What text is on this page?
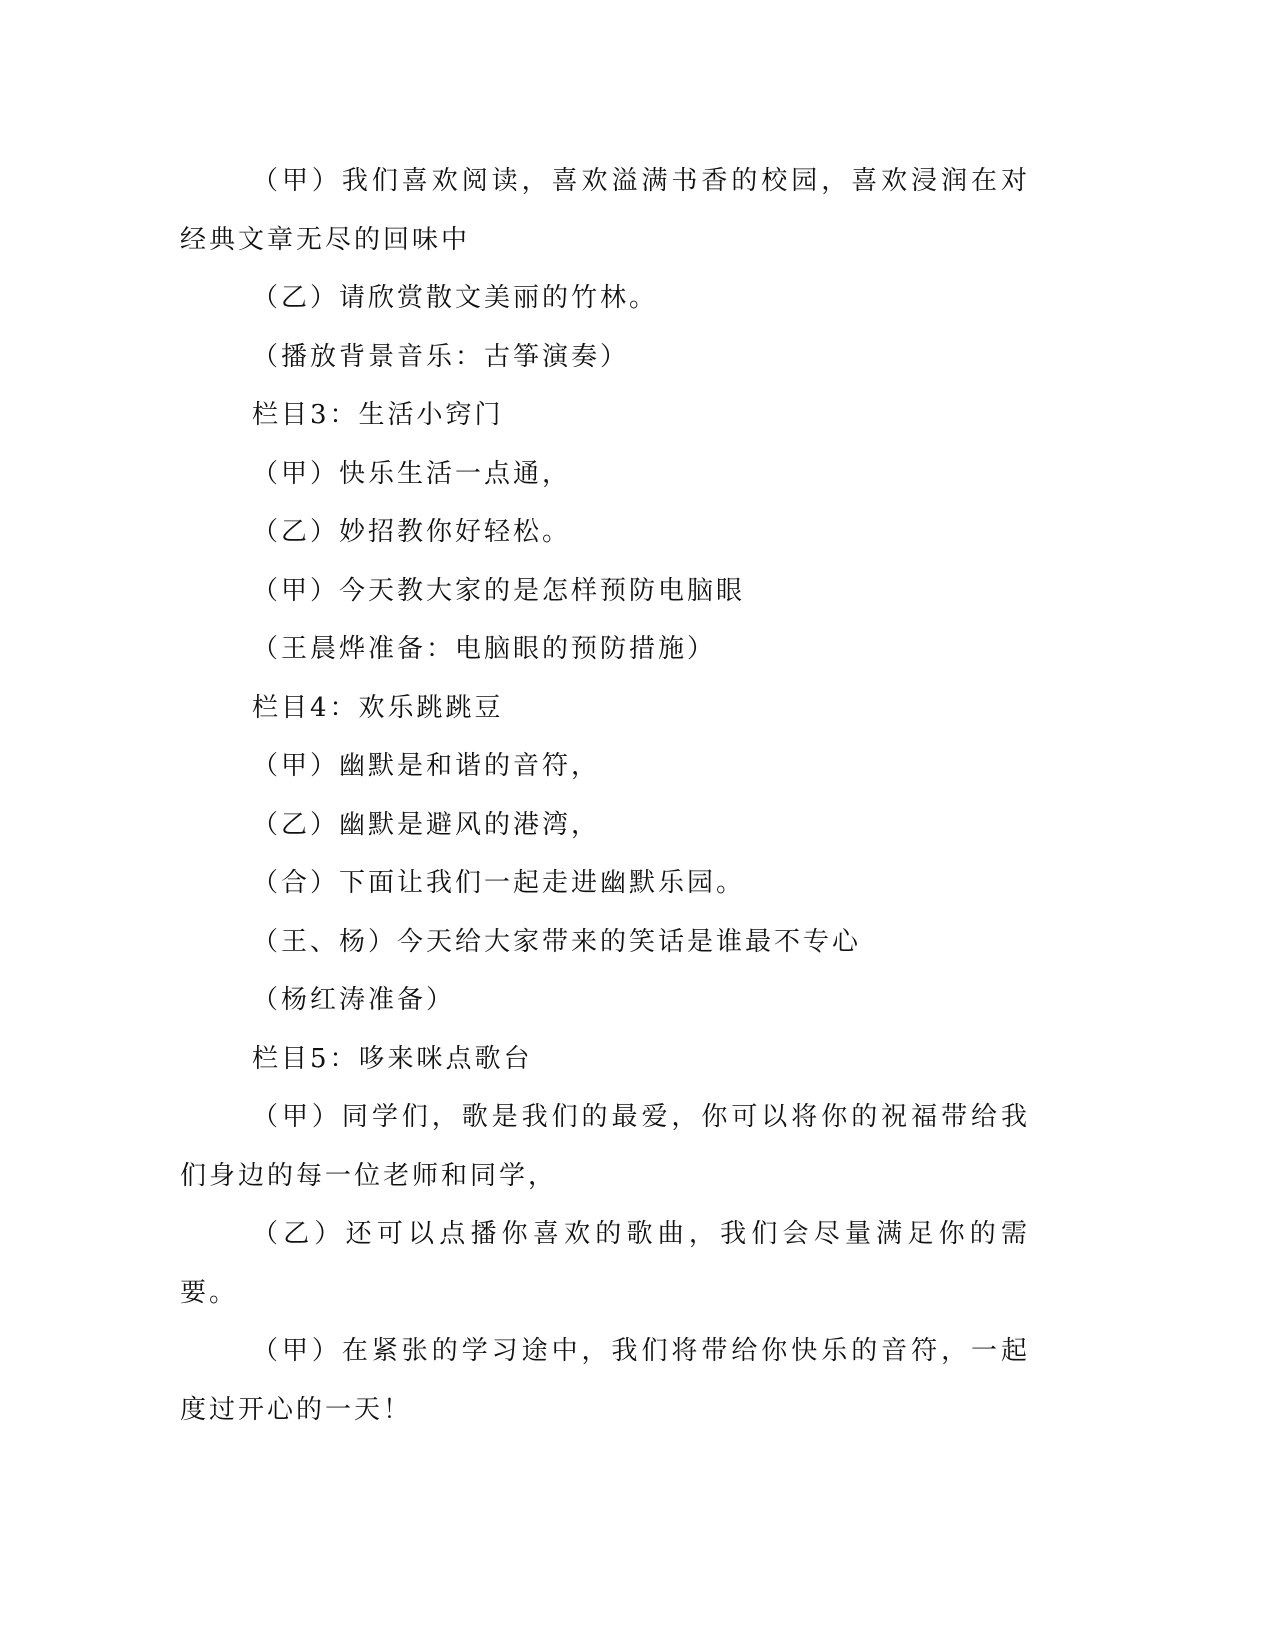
（甲）我们喜欢阅读，喜欢溢满书香的校园，喜欢浸润在对经典文章无尽的回味中

（乙）请欣赏散文美丽的竹林。

（播放背景音乐：古筝演奏）

栏目3：生活小窍门

（甲）快乐生活一点通，

（乙）妙招教你好轻松。

（甲）今天教大家的是怎样预防电脑眼

（王晨烨准备：电脑眼的预防措施）

栏目4：欢乐跳跳豆

（甲）幽默是和谐的音符，

（乙）幽默是避风的港湾，

（合）下面让我们一起走进幽默乐园。

（王、杨）今天给大家带来的笑话是谁最不专心

（杨红涛准备）

栏目5：哆来咪点歌台

（甲）同学们，歌是我们的最爱，你可以将你的祝福带给我们身边的每一位老师和同学，

（乙）还可以点播你喜欢的歌曲，我们会尽量满足你的需要。

（甲）在紧张的学习途中，我们将带给你快乐的音符，一起度过开心的一天！
